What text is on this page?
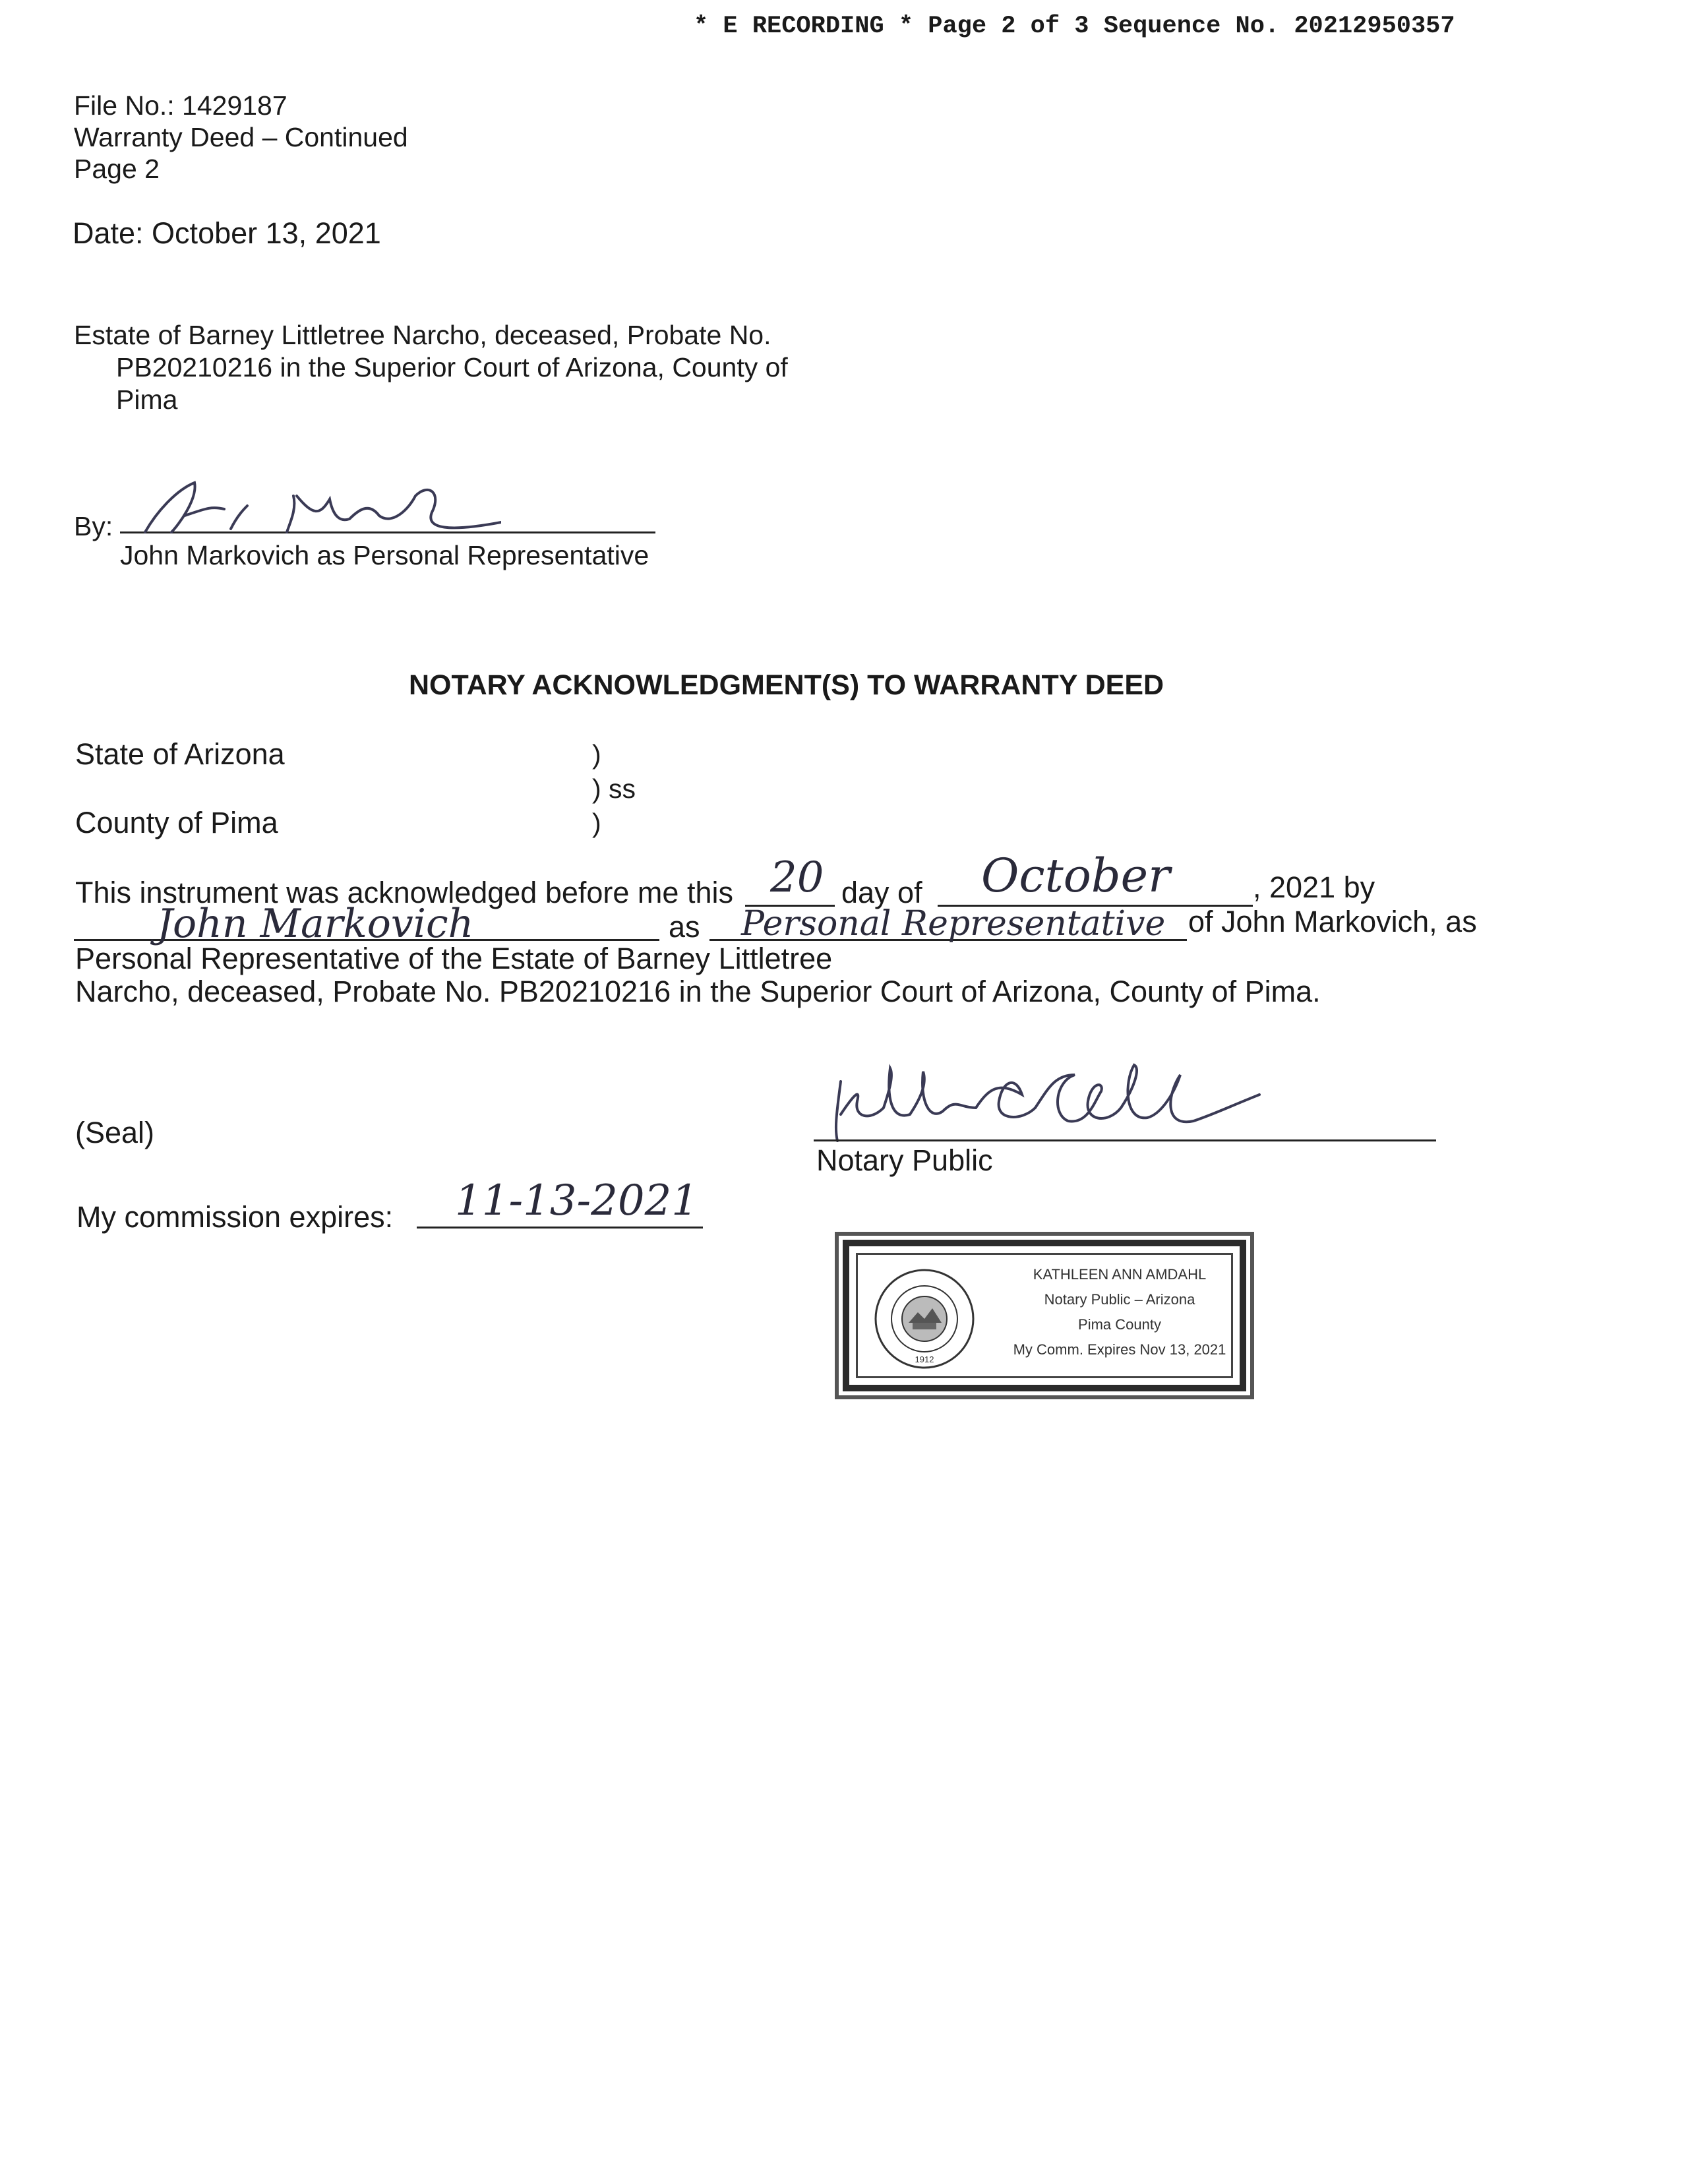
* E RECORDING * Page 2 of 3 Sequence No. 20212950357
File No.: 1429187
Warranty Deed – Continued
Page 2
Date: October 13, 2021
Estate of Barney Littletree Narcho, deceased, Probate No.
PB20210216 in the Superior Court of Arizona, County of
Pima
By:
John Markovich as Personal Representative
NOTARY ACKNOWLEDGMENT(S) TO WARRANTY DEED
State of Arizona	)
) ss
County of Pima	)
This instrument was acknowledged before me this 20 day of October	, 2021 by
John Markovich	as Personal Representative of John Markovich, as
Personal Representative of the Estate of Barney Littletree
Narcho, deceased, Probate No. PB20210216 in the Superior Court of Arizona, County of Pima.
(Seal)
Notary Public
My commission expires: 11-13-2021
1912
KATHLEEN ANN AMDAHL
Notary Public – Arizona
Pima County
My Comm. Expires Nov 13, 2021
